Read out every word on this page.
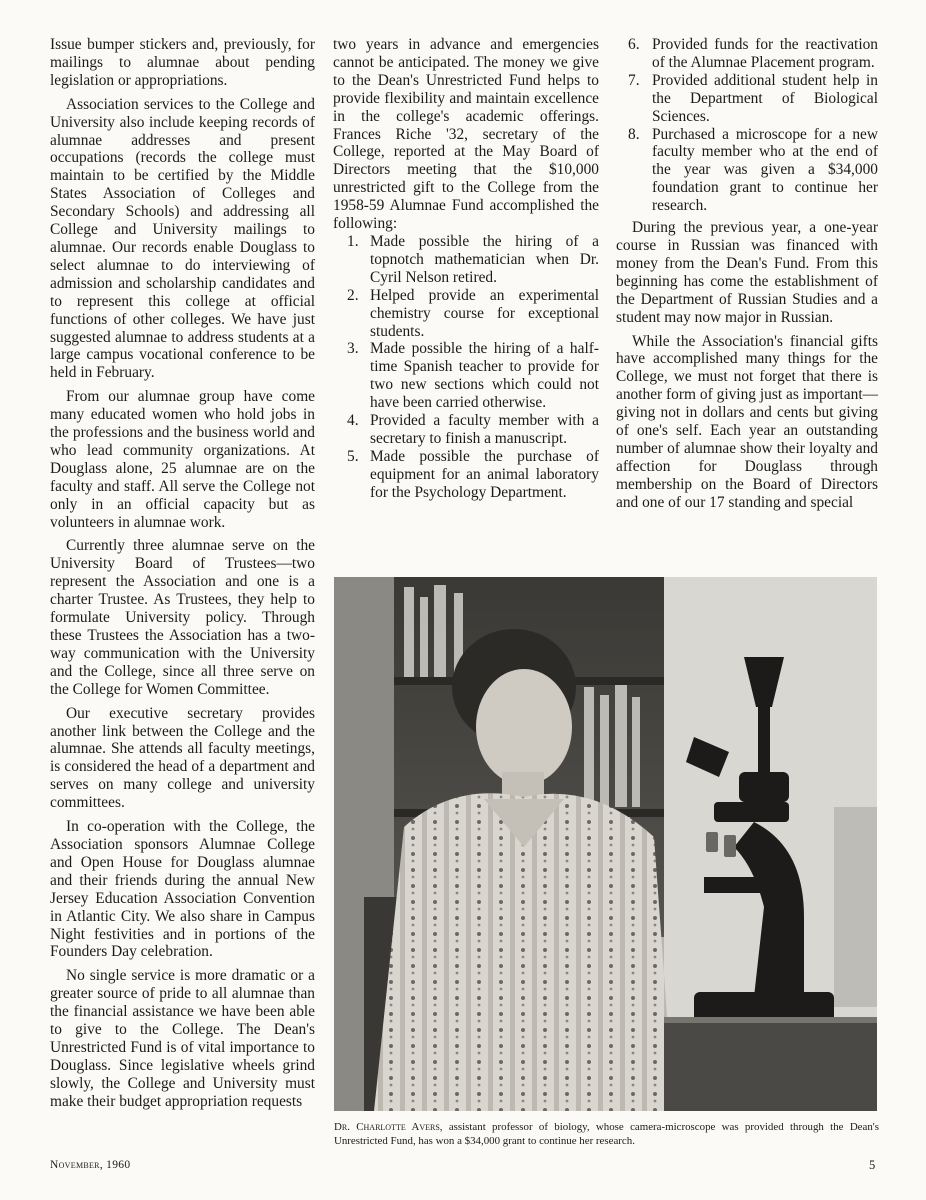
Issue bumper stickers and, previously, for mailings to alumnae about pending legislation or appropriations.

Association services to the College and University also include keeping records of alumnae addresses and present occupations (records the college must maintain to be certified by the Middle States Association of Colleges and Secondary Schools) and addressing all College and University mailings to alumnae. Our records enable Douglass to select alumnae to do interviewing of admission and scholarship candidates and to represent this college at official functions of other colleges. We have just suggested alumnae to address students at a large campus vocational conference to be held in February.

From our alumnae group have come many educated women who hold jobs in the professions and the business world and who lead community organizations. At Douglass alone, 25 alumnae are on the faculty and staff. All serve the College not only in an official capacity but as volunteers in alumnae work.

Currently three alumnae serve on the University Board of Trustees—two represent the Association and one is a charter Trustee. As Trustees, they help to formulate University policy. Through these Trustees the Association has a two-way communication with the University and the College, since all three serve on the College for Women Committee.

Our executive secretary provides another link between the College and the alumnae. She attends all faculty meetings, is considered the head of a department and serves on many college and university committees.

In co-operation with the College, the Association sponsors Alumnae College and Open House for Douglass alumnae and their friends during the annual New Jersey Education Association Convention in Atlantic City. We also share in Campus Night festivities and in portions of the Founders Day celebration.

No single service is more dramatic or a greater source of pride to all alumnae than the financial assistance we have been able to give to the College. The Dean's Unrestricted Fund is of vital importance to Douglass. Since legislative wheels grind slowly, the College and University must make their budget appropriation requests

two years in advance and emergencies cannot be anticipated. The money we give to the Dean's Unrestricted Fund helps to provide flexibility and maintain excellence in the college's academic offerings. Frances Riche '32, secretary of the College, reported at the May Board of Directors meeting that the $10,000 unrestricted gift to the College from the 1958-59 Alumnae Fund accomplished the following:

1. Made possible the hiring of a topnotch mathematician when Dr. Cyril Nelson retired.
2. Helped provide an experimental chemistry course for exceptional students.
3. Made possible the hiring of a half-time Spanish teacher to provide for two new sections which could not have been carried otherwise.
4. Provided a faculty member with a secretary to finish a manuscript.
5. Made possible the purchase of equipment for an animal laboratory for the Psychology Department.
6. Provided funds for the reactivation of the Alumnae Placement program.
7. Provided additional student help in the Department of Biological Sciences.
8. Purchased a microscope for a new faculty member who at the end of the year was given a $34,000 foundation grant to continue her research.

During the previous year, a one-year course in Russian was financed with money from the Dean's Fund. From this beginning has come the establishment of the Department of Russian Studies and a student may now major in Russian.

While the Association's financial gifts have accomplished many things for the College, we must not forget that there is another form of giving just as important—giving not in dollars and cents but giving of one's self. Each year an outstanding number of alumnae show their loyalty and affection for Douglass through membership on the Board of Directors and one of our 17 standing and special

Dr. Charlotte Avers, assistant professor of biology, whose camera-microscope was provided through the Dean's Unrestricted Fund, has won a $34,000 grant to continue her research.
November, 1960	5
